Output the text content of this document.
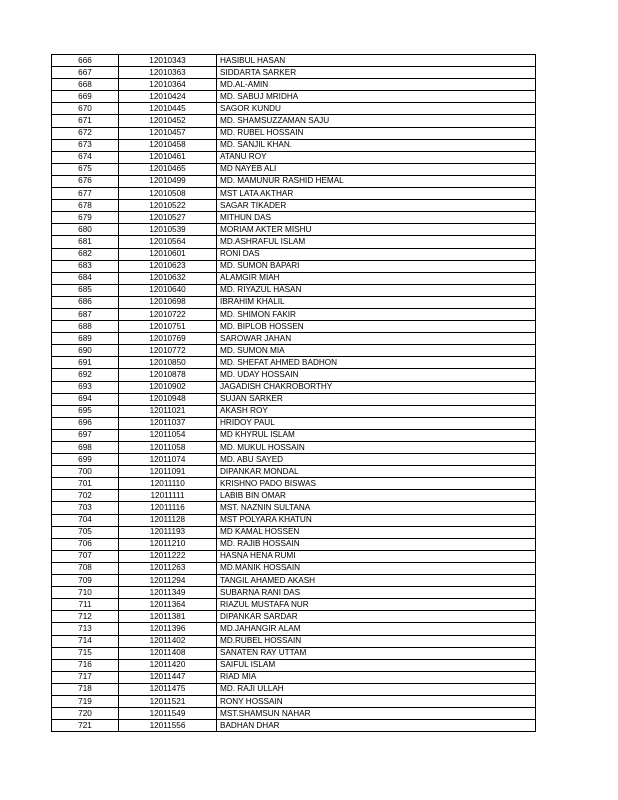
666	12010343	HASIBUL HASAN
667	12010363	SIDDARTA SARKER
668	12010364	MD.AL-AMIN
669	12010424	MD. SABUJ MRIDHA
670	12010445	SAGOR KUNDU
671	12010452	MD. SHAMSUZZAMAN SAJU
672	12010457	MD. RUBEL HOSSAIN
673	12010458	MD. SANJIL KHAN.
674	12010461	ATANU ROY
675	12010465	MD NAYEB ALI
676	12010499	MD. MAMUNUR RASHID HEMAL
677	12010508	MST LATA AKTHAR
678	12010522	SAGAR TIKADER
679	12010527	MITHUN DAS
680	12010539	MORIAM AKTER MISHU
681	12010564	MD.ASHRAFUL ISLAM
682	12010601	RONI DAS
683	12010623	MD. SUMON BAPARI
684	12010632	ALAMGIR MIAH
685	12010640	MD. RIYAZUL HASAN
686	12010698	IBRAHIM KHALIL
687	12010722	MD. SHIMON FAKIR
688	12010751	MD. BIPLOB HOSSEN
689	12010769	SAROWAR JAHAN
690	12010772	MD. SUMON MIA
691	12010850	MD. SHEFAT AHMED BADHON
692	12010878	MD. UDAY HOSSAIN
693	12010902	JAGADISH CHAKROBORTHY
694	12010948	SUJAN SARKER
695	12011021	AKASH ROY
696	12011037	HRIDOY PAUL
697	12011054	MD KHYRUL ISLAM
698	12011058	MD. MUKUL HOSSAIN
699	12011074	MD. ABU SAYED
700	12011091	DIPANKAR MONDAL
701	12011110	KRISHNO PADO BISWAS
702	12011111	LABIB BIN OMAR
703	12011116	MST. NAZNIN SULTANA
704	12011128	MST POLYARA KHATUN
705	12011193	MD KAMAL HOSSEN
706	12011210	MD. RAJIB HOSSAIN
707	12011222	HASNA HENA RUMI
708	12011263	MD.MANIK HOSSAIN
709	12011294	TANGIL AHAMED AKASH
710	12011349	SUBARNA RANI DAS
711	12011364	RIAZUL MUSTAFA NUR
712	12011381	DIPANKAR SARDAR
713	12011396	MD.JAHANGIR ALAM
714	12011402	MD.RUBEL HOSSAIN
715	12011408	SANATEN RAY UTTAM
716	12011420	SAIFUL ISLAM
717	12011447	RIAD MIA
718	12011475	MD. RAJI ULLAH
719	12011521	RONY HOSSAIN
720	12011549	MST.SHAMSUN NAHAR
721	12011556	BADHAN DHAR
